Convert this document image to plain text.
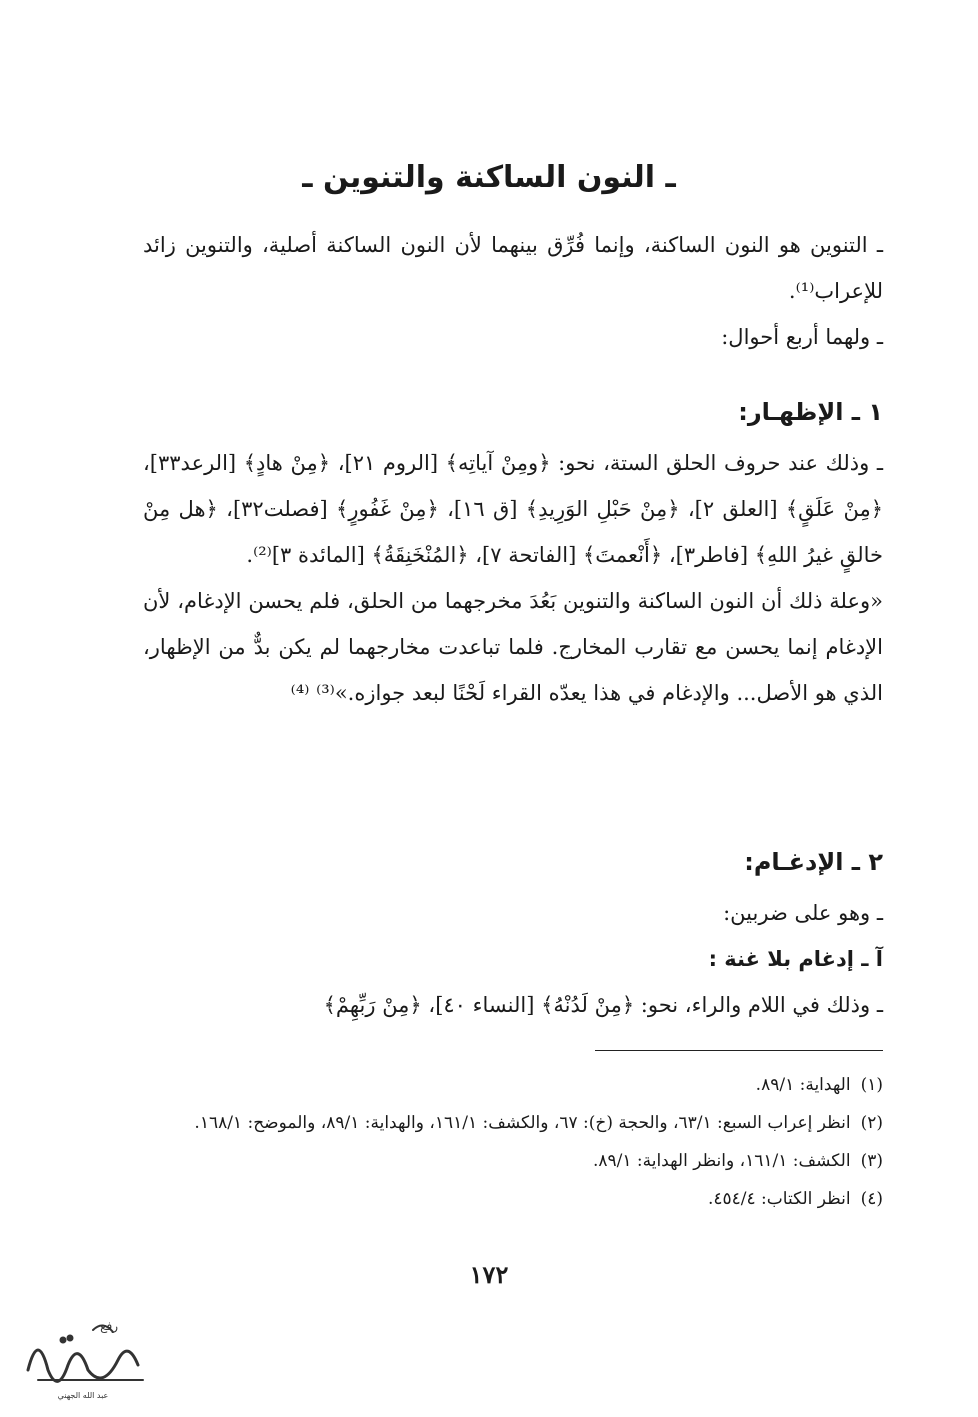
ـ النون الساكنة والتنوين ـ

ـ التنوين هو النون الساكنة، وإنما فُرِّق بينهما لأن النون الساكنة أصلية، والتنوين زائد للإعراب⁽¹⁾.

ـ ولهما أربع أحوال:

١ ـ الإظهـار:

ـ وذلك عند حروف الحلق الستة، نحو: ﴿ومِنْ آياتِه﴾ [الروم ٢١]، ﴿مِنْ هادٍ﴾ [الرعد٣٣]، ﴿مِنْ عَلَقٍ﴾ [العلق ٢]، ﴿مِنْ حَبْلِ الوَرِيدِ﴾ [ق ١٦]، ﴿مِنْ غَفُورٍ﴾ [فصلت٣٢]، ﴿هل مِنْ خالقٍ غيرُ اللهِ﴾ [فاطر٣]، ﴿أَنْعمتَ﴾ [الفاتحة ٧]، ﴿المُنْخَنِقَةُ﴾ [المائدة ٣]⁽²⁾.

«وعلة ذلك أن النون الساكنة والتنوين بَعُدَ مخرجهما من الحلق، فلم يحسن الإدغام، لأن الإدغام إنما يحسن مع تقارب المخارج. فلما تباعدت مخارجهما لم يكن بدٌّ من الإظهار، الذي هو الأصل... والإدغام في هذا يعدّه القراء لَحْنًا لبعد جوازه.»⁽³⁾ ⁽⁴⁾

٢ ـ الإدغـام:

ـ وهو على ضربين:

آ ـ إدغام بلا غنة :

ـ وذلك في اللام والراء، نحو: ﴿مِنْ لَدُنْهُ﴾ [النساء ٤٠]، ﴿مِنْ رَبِّهِمْ﴾

(١)الهداية: ٨٩/١.

(٢)انظر إعراب السبع: ٦٣/١، والحجة (خ): ٦٧، والكشف: ١٦١/١، والهداية: ٨٩/١، والموضح: ١٦٨/١.

(٣)الكشف: ١٦١/١، وانظر الهداية: ٨٩/١.

(٤)انظر الكتاب: ٤٥٤/٤.

١٧٢
رفع
عبد الله الجهني
